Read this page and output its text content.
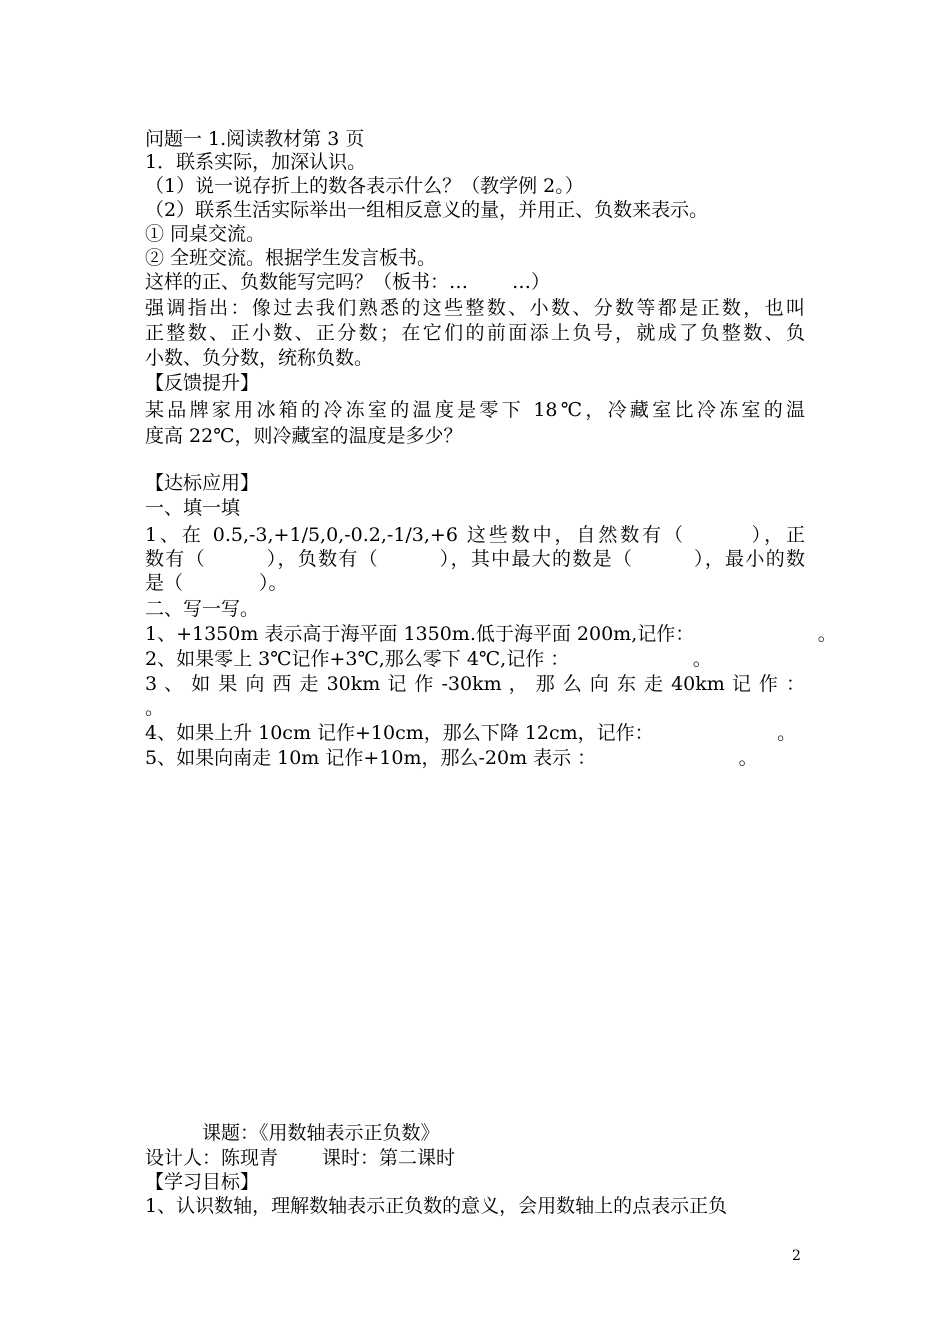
问题一 1.阅读教材第 3 页
1．联系实际，加深认识。
（1）说一说存折上的数各表示什么？（教学例 2。）
（2）联系生活实际举出一组相反意义的量，并用正、负数来表示。
① 同桌交流。
② 全班交流。根据学生发言板书。
这样的正、负数能写完吗？（板书：…　　 …）
强调指出：像过去我们熟悉的这些整数、小数、分数等都是正数，也叫
正整数、正小数、正分数；在它们的前面添上负号，就成了负整数、负
小数、负分数，统称负数。
【反馈提升】
某品牌家用冰箱的冷冻室的温度是零下 18℃，冷藏室比冷冻室的温
度高 22℃，则冷藏室的温度是多少？
【达标应用】
一、填一填
1、在 0.5,-3,+1/5,0,-0.2,-1/3,+6 这些数中，自然数有（　　　），正
数有（　　　），负数有（　　　），其中最大的数是（　　　），最小的数
是（　　　　）。
二、写一写。
1、+1350m 表示高于海平面 1350m.低于海平面 200m,记作：　　　　　　　。
2、如果零上 3℃记作+3℃,那么零下 4℃,记作 ：　　　　　　　。
3 、 如 果 向 西 走 30km 记 作 -30km ， 那 么 向 东 走 40km 记 作 ：
。
4、如果上升 10cm 记作+10cm，那么下降 12cm，记作：　　　　　　　。
5、如果向南走 10m 记作+10m，那么-20m 表示 ：　　　　　　　　。
　　　课题：《用数轴表示正负数》
设计人：陈现青　　 课时：第二课时
【学习目标】
1、认识数轴，理解数轴表示正负数的意义，会用数轴上的点表示正负
2
